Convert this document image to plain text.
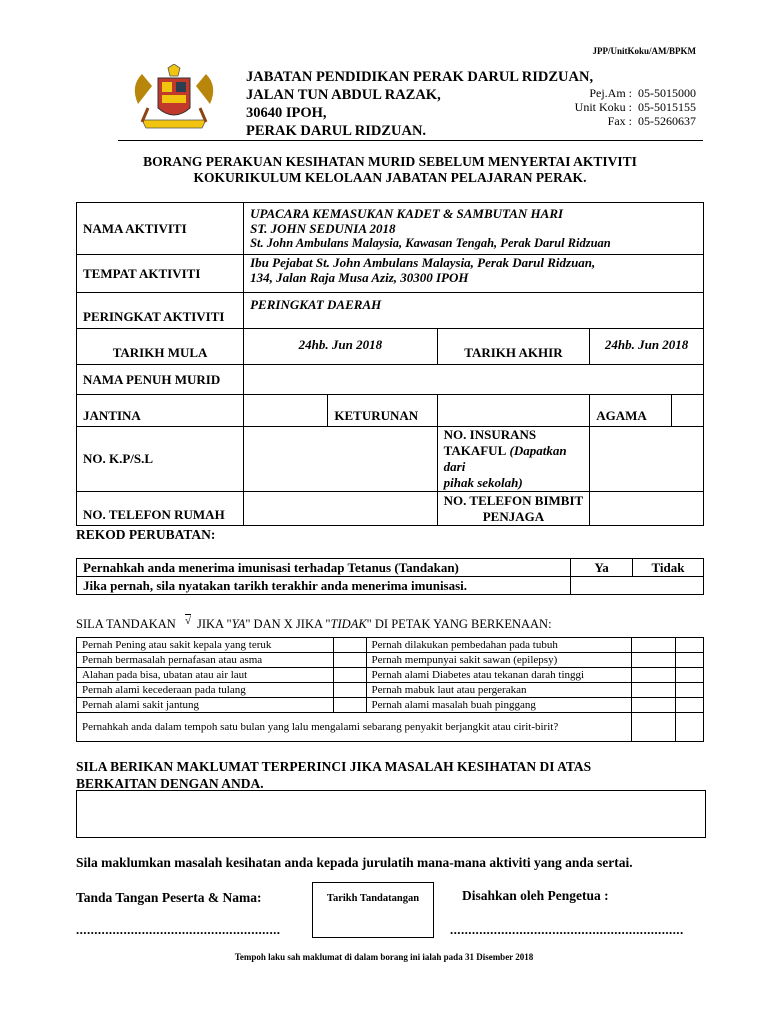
JPP/UnitKoku/AM/BPKM
JABATAN PENDIDIKAN PERAK DARUL RIDZUAN,
JALAN TUN ABDUL RAZAK,
30640 IPOH,
PERAK DARUL RIDZUAN.
Pej.Am : 05-5015000
Unit Koku : 05-5015155
Fax : 05-5260637
BORANG PERAKUAN KESIHATAN MURID SEBELUM MENYERTAI AKTIVITI
KOKURIKULUM KELOLAAN JABATAN PELAJARAN PERAK.
NAMA AKTIVITI	UPACARA KEMASUKAN KADET & SAMBUTAN HARI
ST. JOHN SEDUNIA 2018
St. John Ambulans Malaysia, Kawasan Tengah, Perak Darul Ridzuan				

TEMPAT AKTIVITI	Ibu Pejabat St. John Ambulans Malaysia, Perak Darul Ridzuan,
134, Jalan Raja Musa Aziz, 30300 IPOH				

PERINGKAT AKTIVITI	PERINGKAT DAERAH				
TARIKH MULA	24hb. Jun 2018		TARIKH AKHIR	24hb. Jun 2018	
NAMA PENUH MURID					
JANTINA		KETURUNAN		AGAMA	
NO. K.P/S.L			NO. INSURANS
TAKAFUL (Dapatkan dari
pihak sekolah)		

NO. TELEFON RUMAH			NO. TELEFON BIMBIT
PENJAGA		

REKOD PERUBATAN:
Pernahkah anda menerima imunisasi terhadap Tetanus (Tandakan)	Ya	Tidak
Jika pernah, sila nyatakan tarikh terakhir anda menerima imunisasi.		
SILA TANDAKAN √ JIKA "YA" DAN X JIKA "TIDAK" DI PETAK YANG BERKENAAN:
Pernah Pening atau sakit kepala yang teruk		Pernah dilakukan pembedahan pada tubuh		
Pernah bermasalah pernafasan atau asma		Pernah mempunyai sakit sawan (epilepsy)		
Alahan pada bisa, ubatan atau air laut		Pernah alami Diabetes atau tekanan darah tinggi		
Pernah alami kecederaan pada tulang		Pernah mabuk laut atau pergerakan		
Pernah alami sakit jantung		Pernah alami masalah buah pinggang		
Pernahkah anda dalam tempoh satu bulan yang lalu mengalami sebarang penyakit berjangkit atau cirit-birit?				
SILA BERIKAN MAKLUMAT TERPERINCI JIKA MASALAH KESIHATAN DI ATAS
BERKAITAN DENGAN ANDA.
Sila maklumkan masalah kesihatan anda kepada jurulatih mana-mana aktiviti yang anda sertai.
Tanda Tangan Peserta & Nama:	Tarikh Tandatangan	Disahkan oleh Pengetua :
........................................................	................................................................
Tempoh laku sah maklumat di dalam borang ini ialah pada 31 Disember 2018
